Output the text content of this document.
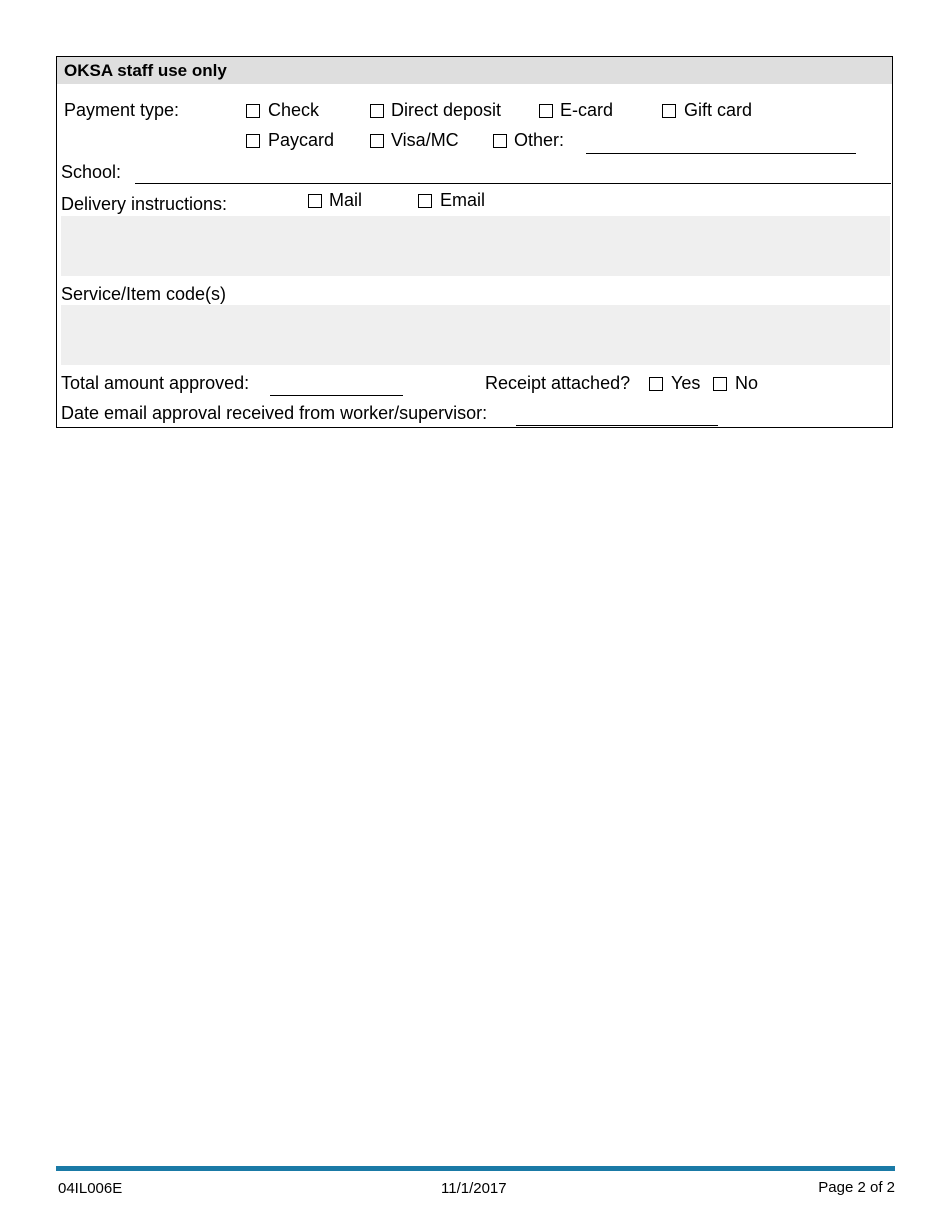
OKSA staff use only
Payment type:	Check	Direct deposit	E-card	Gift card
Paycard	Visa/MC	Other:
School:
Delivery instructions:	Mail	Email
Service/Item code(s)
Total amount approved:	Receipt attached? Yes No
Date email approval received from worker/supervisor:
04IL006E	11/1/2017	Page 2 of 2
